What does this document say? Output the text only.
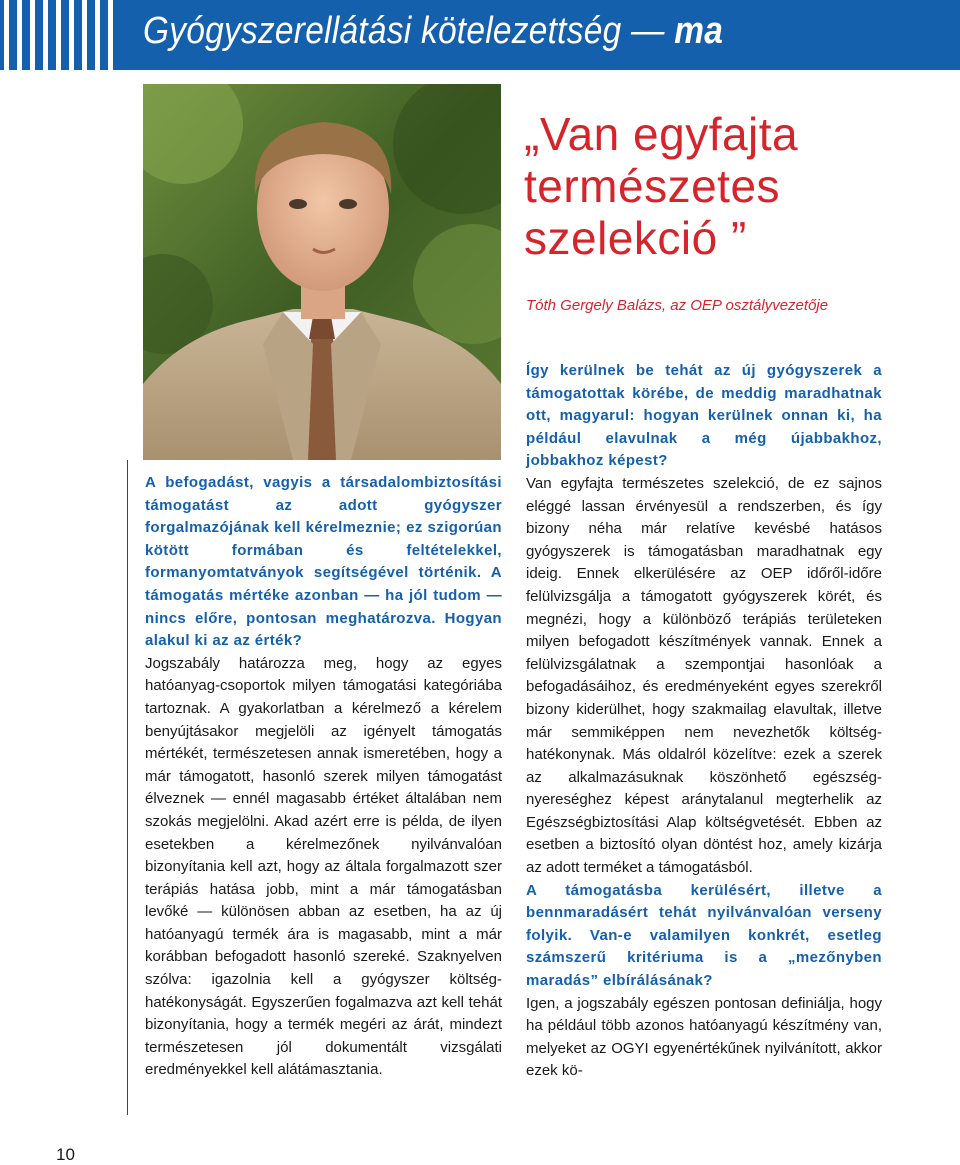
Gyógyszerellátási kötelezettség — ma
„Van egyfajta
természetes
szelekció ”

Tóth Gergely Balázs, az OEP osztályvezetője

A befogadást, vagyis a társadalombiztosítási támogatást az adott gyógyszer forgalmazójának kell kérelmeznie; ez szigorúan kötött formában és feltételekkel, formanyomtatványok segítségével történik. A támogatás mértéke azonban — ha jól tudom — nincs előre, pontosan meghatározva. Hogyan alakul ki az az érték?

Jogszabály határozza meg, hogy az egyes hatóanyag-csoportok milyen támogatási kategóriába tartoznak. A gyakorlatban a kérelmező a kérelem benyújtásakor megjelöli az igényelt támogatás mértékét, természetesen annak ismeretében, hogy a már támogatott, hasonló szerek milyen támogatást élveznek — ennél magasabb értéket általában nem szokás megjelölni. Akad azért erre is példa, de ilyen esetekben a kérelmezőnek nyilvánvalóan bizonyítania kell azt, hogy az általa forgalmazott szer terápiás hatása jobb, mint a már támogatásban levőké — különösen abban az esetben, ha az új hatóanyagú termék ára is magasabb, mint a már korábban befogadott hasonló szereké. Szaknyelven szólva: igazolnia kell a gyógyszer költség-hatékonyságát. Egyszerűen fogalmazva azt kell tehát bizonyítania, hogy a termék megéri az árát, mindezt természetesen jól dokumentált vizsgálati eredményekkel kell alátámasztania.

Így kerülnek be tehát az új gyógyszerek a támogatottak körébe, de meddig maradhatnak ott, magyarul: hogyan kerülnek onnan ki, ha például elavulnak a még újabbakhoz, jobbakhoz képest?

Van egyfajta természetes szelekció, de ez sajnos eléggé lassan érvényesül a rendszerben, és így bizony néha már relatíve kevésbé hatásos gyógyszerek is támogatásban maradhatnak egy ideig. Ennek elkerülésére az OEP időről-időre felülvizsgálja a támogatott gyógyszerek körét, és megnézi, hogy a különböző terápiás területeken milyen befogadott készítmények vannak. Ennek a felülvizsgálatnak a szempontjai hasonlóak a befogadásáihoz, és eredményeként egyes szerekről bizony kiderülhet, hogy szakmailag elavultak, illetve már semmiképpen nem nevezhetők költség-hatékonynak. Más oldalról közelítve: ezek a szerek az alkalmazásuknak köszönhető egészség-nyereséghez képest aránytalanul megterhelik az Egészségbiztosítási Alap költségvetését. Ebben az esetben a biztosító olyan döntést hoz, amely kizárja az adott terméket a támogatásból.

A támogatásba kerülésért, illetve a bennmaradásért tehát nyilvánvalóan verseny folyik. Van-e valamilyen konkrét, esetleg számszerű kritériuma is a „mezőnyben maradás” elbírálásának?

Igen, a jogszabály egészen pontosan definiálja, hogy ha például több azonos hatóanyagú készítmény van, melyeket az OGYI egyenértékűnek nyilvánított, akkor ezek kö-

10
